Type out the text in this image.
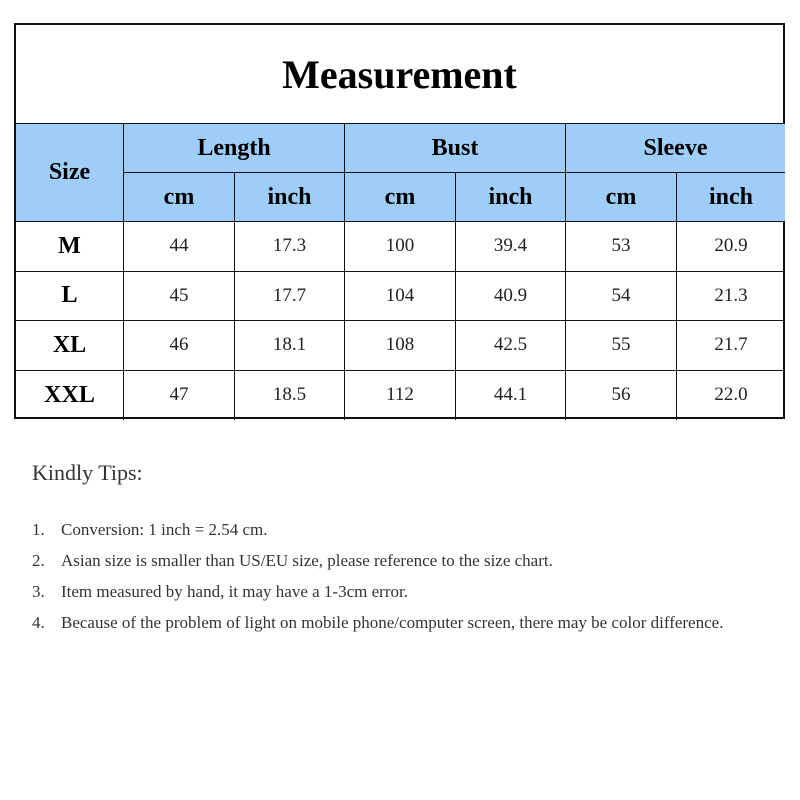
Measurement
Size
Length	Bust	Sleeve
cm	inch	cm	inch	cm	inch
M	44	17.3	100	39.4	53	20.9
L	45	17.7	104	40.9	54	21.3
XL	46	18.1	108	42.5	55	21.7
XXL	47	18.5	112	44.1	56	22.0
Kindly Tips:
1. Conversion: 1 inch = 2.54 cm.
2. Asian size is smaller than US/EU size, please reference to the size chart.
3. Item measured by hand, it may have a 1-3cm error.
4. Because of the problem of light on mobile phone/computer screen, there may be color difference.
